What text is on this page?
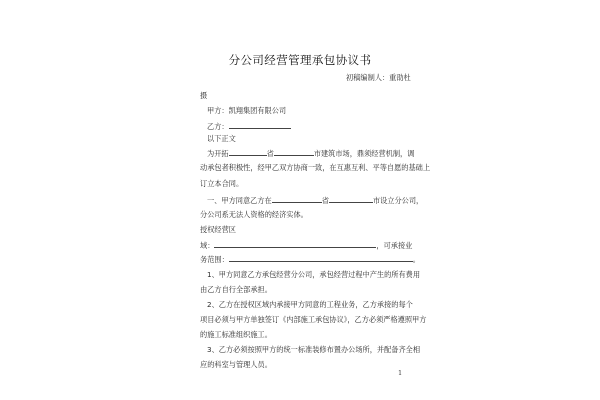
分公司经营管理承包协议书
初稿编制人：重劭杜
摄
甲方：凯翔集团有限公司
乙方：
以下正文
为开拓	省	市建筑市场，鼎须经营机制，调
动承包者积极性，经甲乙双方协商一致，在互惠互利、平等自愿的基础上
订立本合同。
一、甲方同意乙方在	省	市设立分公司，
分公司系无法人资格的经济实体。
授权经营区
域：	，可承接业
务范围：	。
1、甲方同意乙方承包经营分公司，承包经营过程中产生的所有费用
由乙方自行全部承担。
2、乙方在授权区域内承接甲方同意的工程业务，乙方承接的每个
项目必须与甲方单独签订《内部施工承包协议》，乙方必须严格遵照甲方
的施工标准组织施工。
3、乙方必须按照甲方的统一标准装修布置办公场所，并配备齐全相
应的科室与管理人员。
1
